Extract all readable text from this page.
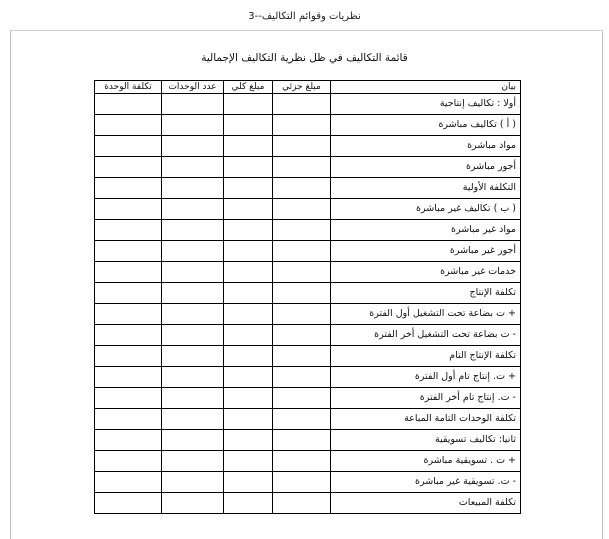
3--نظريات وقوائم التكاليف
قائمة التكاليف في ظل نظرية التكاليف الإجمالية
بيان	مبلغ جزئي	مبلغ كلي	عدد الوحدات	تكلفة الوحدة
أولا : تكاليف إنتاجية				
( أ ) تكاليف مباشرة				
مواد مباشرة				
أجور مباشرة				
التكلفة الأولية				
( ب ) تكاليف غير مباشرة				
مواد غير مباشرة				
أجور غير مباشرة				
خدمات غير مباشرة				
تكلفة الإنتاج				
+ ت بضاعة تحت التشغيل أول الفترة				
- ت بضاعة تحت التشغيل أخر الفترة				
تكلفة الإنتاج التام				
+ ت. إنتاج تام أول الفترة				
- ت. إنتاج تام أخر الفترة				
تكلفة الوحدات التامة المباعة				
ثانيا: تكاليف تسويقية				
+ ت . تسويقية مباشرة				
- ت. تسويقية غير مباشرة				
تكلفة المبيعات				
